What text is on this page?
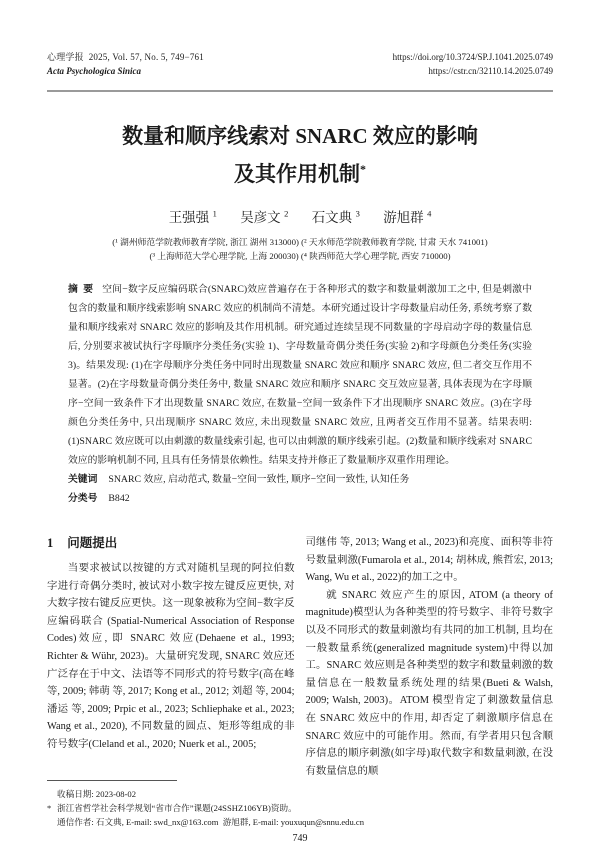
心理学报  2025, Vol. 57, No. 5, 749−761
Acta Psychologica Sinica
https://doi.org/10.3724/SP.J.1041.2025.0749
https://cstr.cn/32110.14.2025.0749
数量和顺序线索对 SNARC 效应的影响
及其作用机制*
王强强 $^1$ 吴彦文 $^2$ 石文典 $^3$ 游旭群 $^4$
(¹ 湖州师范学院教师教育学院, 浙江 湖州 313000) (² 天水师范学院教师教育学院, 甘肃 天水 741001)
(³ 上海师范大学心理学院, 上海 200030) (⁴ 陕西师范大学心理学院, 西安 710000)

摘  要 空间−数字反应编码联合(SNARC)效应普遍存在于各种形式的数字和数量刺激加工之中, 但是刺激中包含的数量和顺序线索影响 SNARC 效应的机制尚不清楚。本研究通过设计字母数量启动任务, 系统考察了数量和顺序线索对 SNARC 效应的影响及其作用机制。研究通过连续呈现不同数量的字母启动字母的数量信息后, 分别要求被试执行字母顺序分类任务(实验 1)、字母数量奇偶分类任务(实验 2)和字母颜色分类任务(实验 3)。结果发现: (1)在字母顺序分类任务中同时出现数量 SNARC 效应和顺序 SNARC 效应, 但二者交互作用不显著。(2)在字母数量奇偶分类任务中, 数量 SNARC 效应和顺序 SNARC 交互效应显著, 具体表现为在字母顺序−空间一致条件下才出现数量 SNARC 效应, 在数量−空间一致条件下才出现顺序 SNARC 效应。(3)在字母颜色分类任务中, 只出现顺序 SNARC 效应, 未出现数量 SNARC 效应, 且两者交互作用不显著。结果表明: (1)SNARC 效应既可以由刺激的数量线索引起, 也可以由刺激的顺序线索引起。(2)数量和顺序线索对 SNARC 效应的影响机制不同, 且具有任务情景依赖性。结果支持并修正了数量顺序双重作用理论。

关键词 SNARC 效应, 启动范式, 数量−空间一致性, 顺序−空间一致性, 认知任务

分类号 B842

1 问题提出

当要求被试以按键的方式对随机呈现的阿拉伯数字进行奇偶分类时, 被试对小数字按左键反应更快, 对大数字按右键反应更快。这一现象被称为空间−数字反应编码联合 (Spatial-Numerical Association of Response Codes)效应, 即 SNARC 效应(Dehaene et al., 1993; Richter & Wühr, 2023)。大量研究发现, SNARC 效应还广泛存在于中文、法语等不同形式的符号数字(高在峰 等, 2009; 韩萌 等, 2017; Kong et al., 2012; 刘超 等, 2004; 潘运 等, 2009; Prpic et al., 2023; Schliephake et al., 2023; Wang et al., 2020), 不同数量的圆点、矩形等组成的非符号数字(Cleland et al., 2020; Nuerk et al., 2005;

司继伟 等, 2013; Wang et al., 2023)和亮度、面积等非符号数量刺激(Fumarola et al., 2014; 胡林成, 熊哲宏, 2013; Wang, Wu et al., 2022)的加工之中。

就 SNARC 效应产生的原因, ATOM (a theory of magnitude)模型认为各种类型的符号数字、非符号数字以及不同形式的数量刺激均有共同的加工机制, 且均在一般数量系统(generalized magnitude system)中得以加工。SNARC 效应则是各种类型的数字和数量刺激的数量信息在一般数量系统处理的结果(Bueti & Walsh, 2009; Walsh, 2003)。ATOM 模型肯定了刺激数量信息在 SNARC 效应中的作用, 却否定了刺激顺序信息在 SNARC 效应中的可能作用。然而, 有学者用只包含顺序信息的顺序刺激(如字母)取代数字和数量刺激, 在没有数量信息的顺

收稿日期: 2023-08-02
* 浙江省哲学社会科学规划“省市合作”课题(24SSHZ106YB)资助。
通信作者: 石文典, E-mail: swd_nx@163.com  游旭群, E-mail: youxuqun@snnu.edu.cn
749
